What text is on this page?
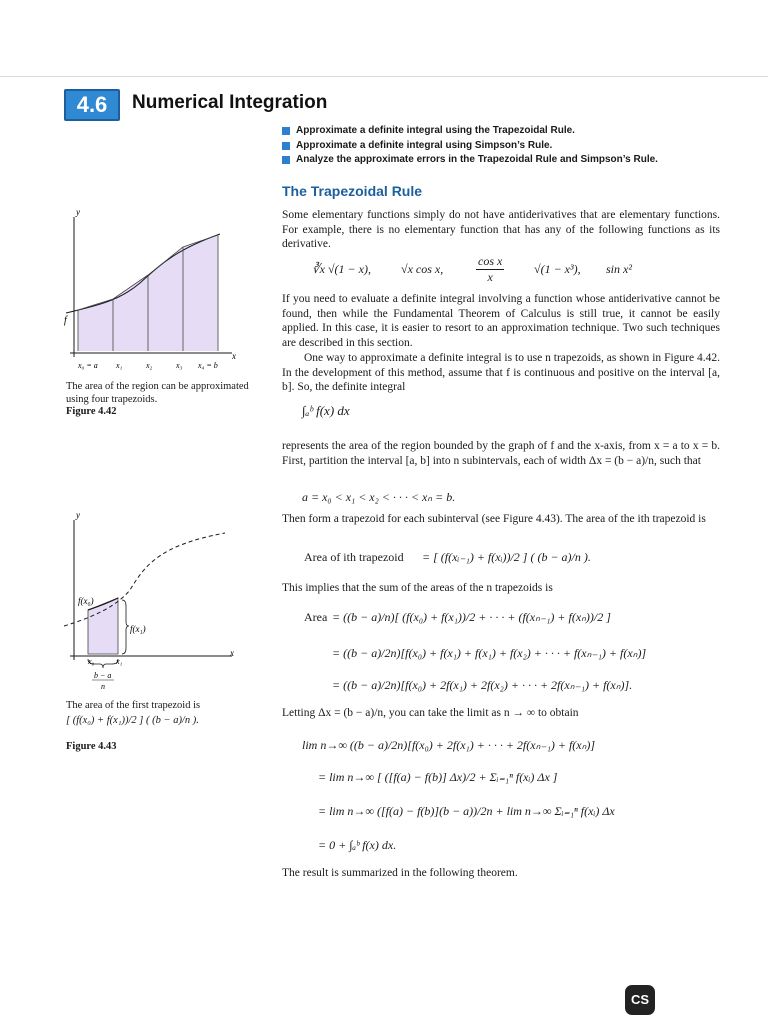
4.6	Numerical Integration
Approximate a definite integral using the Trapezoidal Rule.
Approximate a definite integral using Simpson’s Rule.
Analyze the approximate errors in the Trapezoidal Rule and Simpson’s Rule.
The Trapezoidal Rule

Some elementary functions simply do not have antiderivatives that are elementary functions. For example, there is no elementary function that has any of the following functions as its derivative.

∛x √(1 − x),	√x cos x,	$\frac{\text{cos x}}{x} √(1 - x^3)$, sin x²

If you need to evaluate a definite integral involving a function whose antiderivative cannot be found, then while the Fundamental Theorem of Calculus is still true, it cannot be easily applied. In this case, it is easier to resort to an approximation technique. Two such techniques are described in this section.

One way to approximate a definite integral is to use n trapezoids, as shown in Figure 4.42. In the development of this method, assume that f is continuous and positive on the interval [a, b]. So, the definite integral

∫ₐᵇ f(x) dx

represents the area of the region bounded by the graph of f and the x-axis, from x = a to x = b. First, partition the interval [a, b] into n subintervals, each of width Δx = (b − a)/n, such that

a = x₀ < x₁ < x₂ < · · · < xₙ = b.

Then form a trapezoid for each subinterval (see Figure 4.43). The area of the ith trapezoid is

Area of ith trapezoid = [ (f(xᵢ₋₁) + f(xᵢ))/2 ] ( (b − a)/n ).

This implies that the sum of the areas of the n trapezoids is

Area = ((b − a)/n)[ (f(x₀) + f(x₁))/2 + · · · + (f(xₙ₋₁) + f(xₙ))/2 ]
= ((b − a)/2n)[f(x₀) + f(x₁) + f(x₁) + f(x₂) + · · · + f(xₙ₋₁) + f(xₙ)]
= ((b − a)/2n)[f(x₀) + 2f(x₁) + 2f(x₂) + · · · + 2f(xₙ₋₁) + f(xₙ)].

Letting Δx = (b − a)/n, you can take the limit as n → ∞ to obtain

lim n→∞ ((b − a)/2n)[f(x₀) + 2f(x₁) + · · · + 2f(xₙ₋₁) + f(xₙ)]
= lim n→∞ [ ([f(a) − f(b)] Δx)/2 + Σᵢ₌₁ⁿ f(xᵢ) Δx ]
= lim n→∞ ([f(a) − f(b)](b − a))/2n + lim n→∞ Σᵢ₌₁ⁿ f(xᵢ) Δx
= 0 + ∫ₐᵇ f(x) dx.

The result is summarized in the following theorem.

y
x
f
x₀ = a x₁	x₂	x₃ x₄ = b
The area of the region can be approximated using four trapezoids.
Figure 4.42
y
x
f(x₀)
f(x₁)
x₀	x₁
b − a
n
The area of the first trapezoid is
[ (f(x₀) + f(x₁))/2 ] ( (b − a)/n ).
Figure 4.43
CS
